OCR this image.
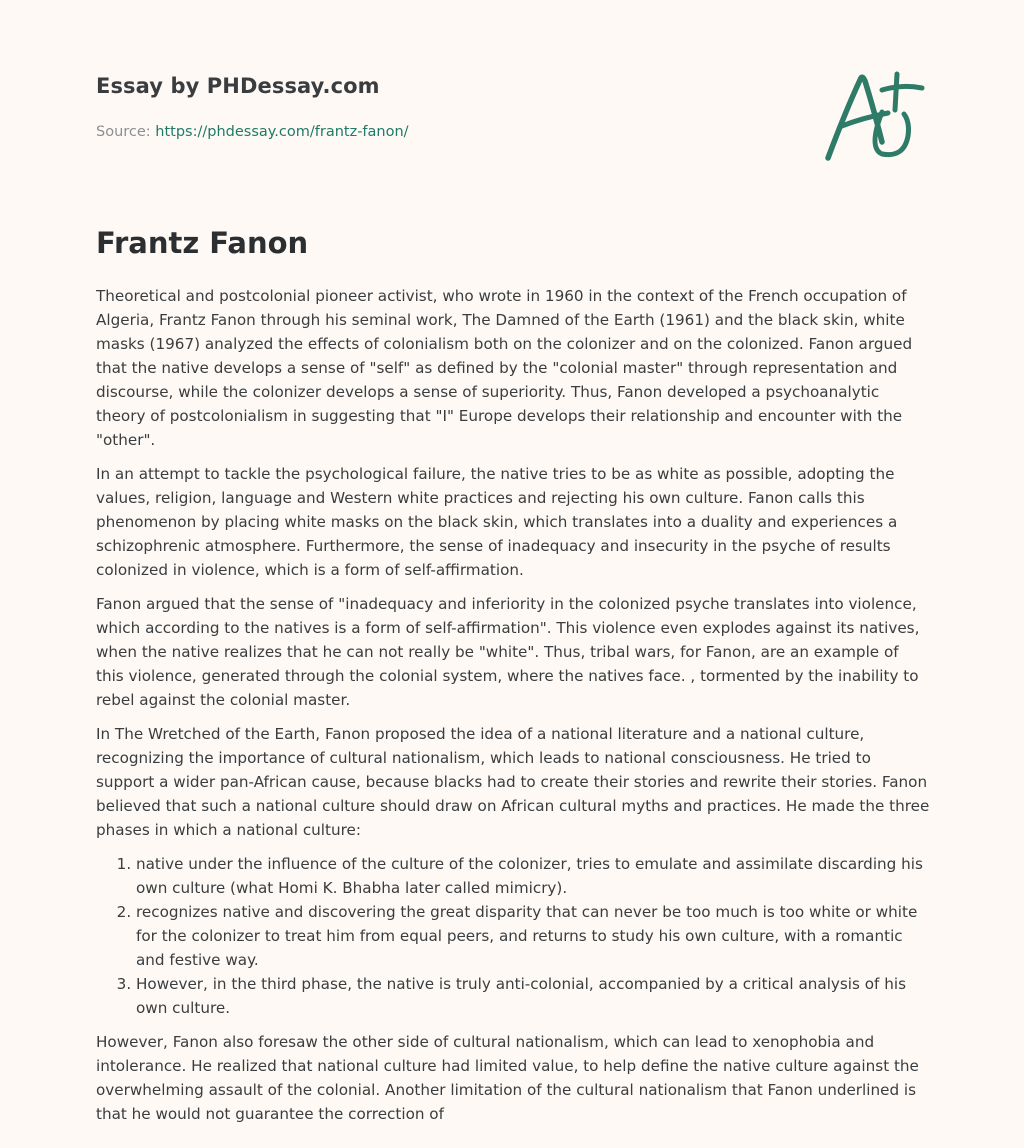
Essay by PHDessay.com

Source: https://phdessay.com/frantz-fanon/

Frantz Fanon

Theoretical and postcolonial pioneer activist, who wrote in 1960 in the context of the French occupation of Algeria, Frantz Fanon through his seminal work, The Damned of the Earth (1961) and the black skin, white masks (1967) analyzed the effects of colonialism both on the colonizer and on the colonized. Fanon argued that the native develops a sense of "self" as defined by the "colonial master" through representation and discourse, while the colonizer develops a sense of superiority. Thus, Fanon developed a psychoanalytic theory of postcolonialism in suggesting that "I" Europe develops their relationship and encounter with the "other".

In an attempt to tackle the psychological failure, the native tries to be as white as possible, adopting the values, religion, language and Western white practices and rejecting his own culture. Fanon calls this phenomenon by placing white masks on the black skin, which translates into a duality and experiences a schizophrenic atmosphere. Furthermore, the sense of inadequacy and insecurity in the psyche of results colonized in violence, which is a form of self-affirmation.

Fanon argued that the sense of "inadequacy and inferiority in the colonized psyche translates into violence, which according to the natives is a form of self-affirmation". This violence even explodes against its natives, when the native realizes that he can not really be "white". Thus, tribal wars, for Fanon, are an example of this violence, generated through the colonial system, where the natives face. , tormented by the inability to rebel against the colonial master.

In The Wretched of the Earth, Fanon proposed the idea of a national literature and a national culture, recognizing the importance of cultural nationalism, which leads to national consciousness. He tried to support a wider pan-African cause, because blacks had to create their stories and rewrite their stories. Fanon believed that such a national culture should draw on African cultural myths and practices. He made the three phases in which a national culture:

1. native under the influence of the culture of the colonizer, tries to emulate and assimilate discarding his own culture (what Homi K. Bhabha later called mimicry).
2. recognizes native and discovering the great disparity that can never be too much is too white or white for the colonizer to treat him from equal peers, and returns to study his own culture, with a romantic and festive way.
3. However, in the third phase, the native is truly anti-colonial, accompanied by a critical analysis of his own culture.

However, Fanon also foresaw the other side of cultural nationalism, which can lead to xenophobia and intolerance. He realized that national culture had limited value, to help define the native culture against the overwhelming assault of the colonial. Another limitation of the cultural nationalism that Fanon underlined is that he would not guarantee the correction of
